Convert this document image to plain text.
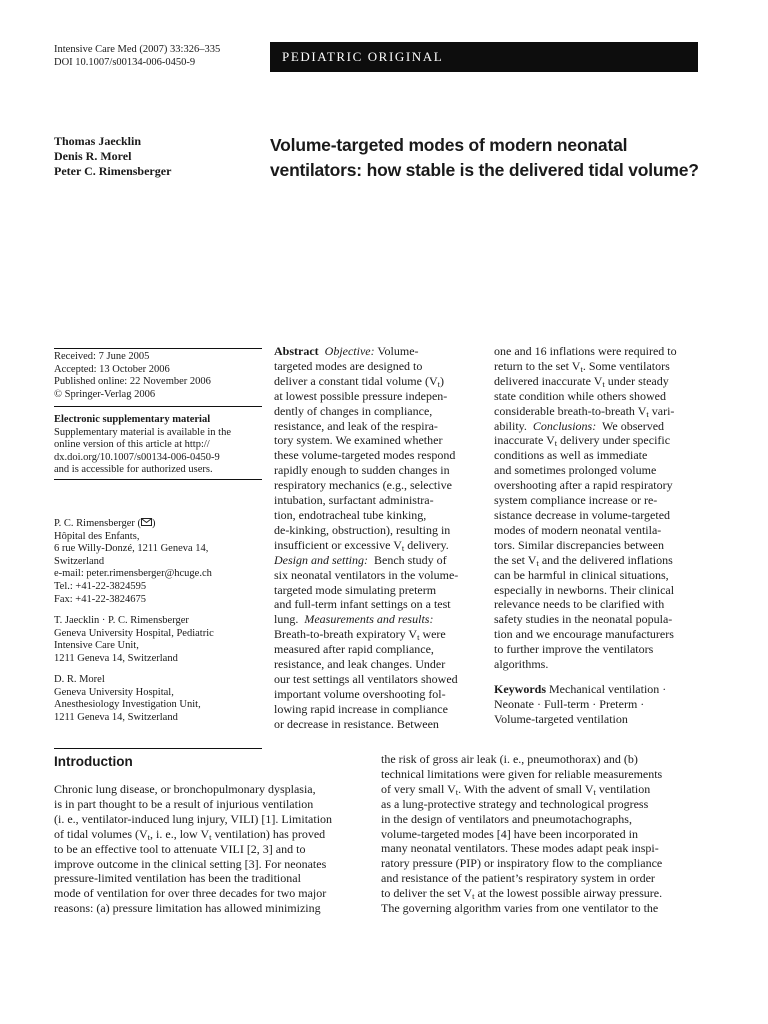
Intensive Care Med (2007) 33:326–335
DOI 10.1007/s00134-006-0450-9	PEDIATRIC ORIGINAL
Thomas Jaecklin
Denis R. Morel
Peter C. Rimensberger
Volume-targeted modes of modern neonatal ventilators: how stable is the delivered tidal volume?

Received: 7 June 2005

Accepted: 13 October 2006

Published online: 22 November 2006

© Springer-Verlag 2006

Electronic supplementary material

Supplementary material is available in the

online version of this article at http://

dx.doi.org/10.1007/s00134-006-0450-9

and is accessible for authorized users.

P. C. Rimensberger ( )

Hôpital des Enfants,

6 rue Willy-Donzé, 1211 Geneva 14,

Switzerland

e-mail: peter.rimensberger@hcuge.ch

Tel.: +41-22-3824595

Fax: +41-22-3824675

T. Jaecklin · P. C. Rimensberger

Geneva University Hospital, Pediatric

Intensive Care Unit,

1211 Geneva 14, Switzerland

D. R. Morel

Geneva University Hospital,

Anesthesiology Investigation Unit,

1211 Geneva 14, Switzerland

Abstract Objective: Volume-
targeted modes are designed to
deliver a constant tidal volume $(V_t)$
at lowest possible pressure indepen-
dently of changes in compliance,
resistance, and leak of the respira-
tory system. We examined whether
these volume-targeted modes respond
rapidly enough to sudden changes in
respiratory mechanics (e.g., selective
intubation, surfactant administra-
tion, endotracheal tube kinking,
de-kinking, obstruction), resulting in
insufficient or excessive $V_t$ delivery.
Design and setting: Bench study of
six neonatal ventilators in the volume-
targeted mode simulating preterm
and full-term infant settings on a test
lung. Measurements and results:
Breath-to-breath expiratory $V_t$ were
measured after rapid compliance,
resistance, and leak changes. Under
our test settings all ventilators showed
important volume overshooting fol-
lowing rapid increase in compliance
or decrease in resistance. Between
one and 16 inflations were required to
return to the set $V_t$. Some ventilators
delivered inaccurate $V_t$ under steady
state condition while others showed
considerable breath-to-breath $V_t$ vari-
ability. Conclusions: We observed
inaccurate $V_t$ delivery under specific
conditions as well as immediate
and sometimes prolonged volume
overshooting after a rapid respiratory
system compliance increase or re-
sistance decrease in volume-targeted
modes of modern neonatal ventila-
tors. Similar discrepancies between
the set $V_t$ and the delivered inflations
can be harmful in clinical situations,
especially in newborns. Their clinical
relevance needs to be clarified with
safety studies in the neonatal popula-
tion and we encourage manufacturers
to further improve the ventilators
algorithms.
Keywords Mechanical ventilation ·
Neonate · Full-term · Preterm ·
Volume-targeted ventilation
Introduction

Chronic lung disease, or bronchopulmonary dysplasia,

is in part thought to be a result of injurious ventilation

(i. e., ventilator-induced lung injury, VILI) [1]. Limitation

of tidal volumes ($V_t$, i. e., low $V_t$ ventilation) has proved

to be an effective tool to attenuate VILI [2, 3] and to

improve outcome in the clinical setting [3]. For neonates

pressure-limited ventilation has been the traditional

mode of ventilation for over three decades for two major

reasons: (a) pressure limitation has allowed minimizing

the risk of gross air leak (i. e., pneumothorax) and (b)

technical limitations were given for reliable measurements

of very small $V_t$. With the advent of small $V_t$ ventilation

as a lung-protective strategy and technological progress

in the design of ventilators and pneumotachographs,

volume-targeted modes [4] have been incorporated in

many neonatal ventilators. These modes adapt peak inspi-

ratory pressure (PIP) or inspiratory flow to the compliance

and resistance of the patient’s respiratory system in order

to deliver the set $V_t$ at the lowest possible airway pressure.

The governing algorithm varies from one ventilator to the
